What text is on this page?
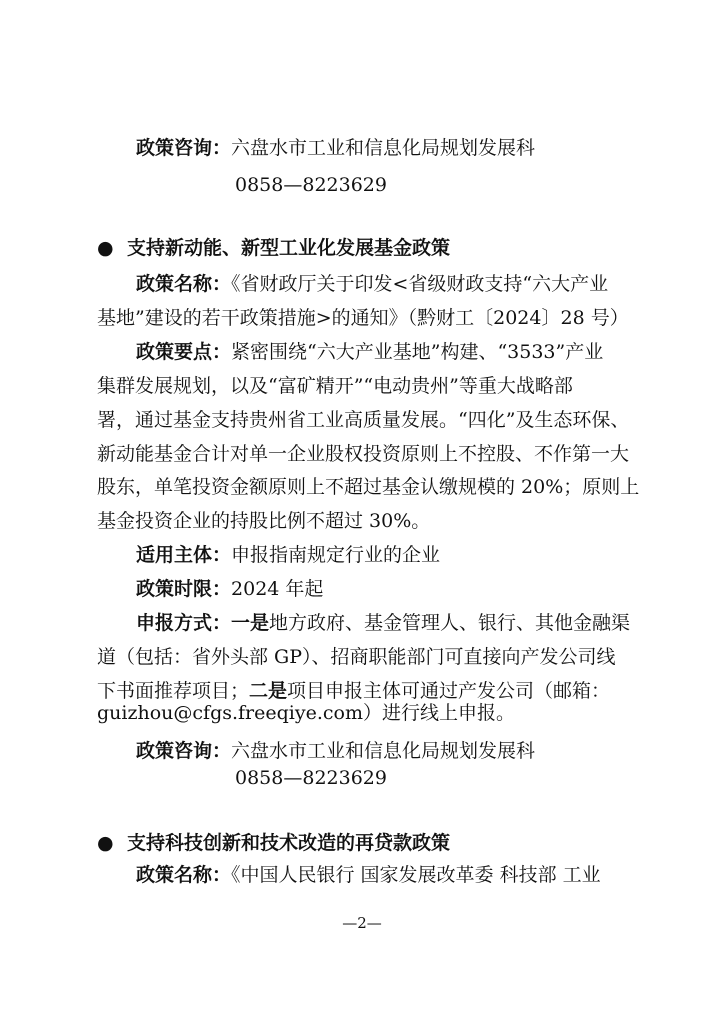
政策咨询：六盘水市工业和信息化局规划发展科
0858—8223629
● 支持新动能、新型工业化发展基金政策
政策名称：《省财政厅关于印发<省级财政支持“六大产业
基地”建设的若干政策措施>的通知》（黔财工〔2024〕28 号）
政策要点：紧密围绕“六大产业基地”构建、“3533”产业
集群发展规划，以及“富矿精开”“电动贵州”等重大战略部
署，通过基金支持贵州省工业高质量发展。“四化”及生态环保、
新动能基金合计对单一企业股权投资原则上不控股、不作第一大
股东，单笔投资金额原则上不超过基金认缴规模的 20%；原则上
基金投资企业的持股比例不超过 30%。
适用主体：申报指南规定行业的企业
政策时限：2024 年起
申报方式：一是地方政府、基金管理人、银行、其他金融渠
道（包括：省外头部 GP）、招商职能部门可直接向产发公司线
下书面推荐项目；二是项目申报主体可通过产发公司（邮箱：
guizhou@cfgs.freeqiye.com）进行线上申报。
政策咨询：六盘水市工业和信息化局规划发展科
0858—8223629
● 支持科技创新和技术改造的再贷款政策
政策名称：《中国人民银行 国家发展改革委 科技部 工业
—2—
